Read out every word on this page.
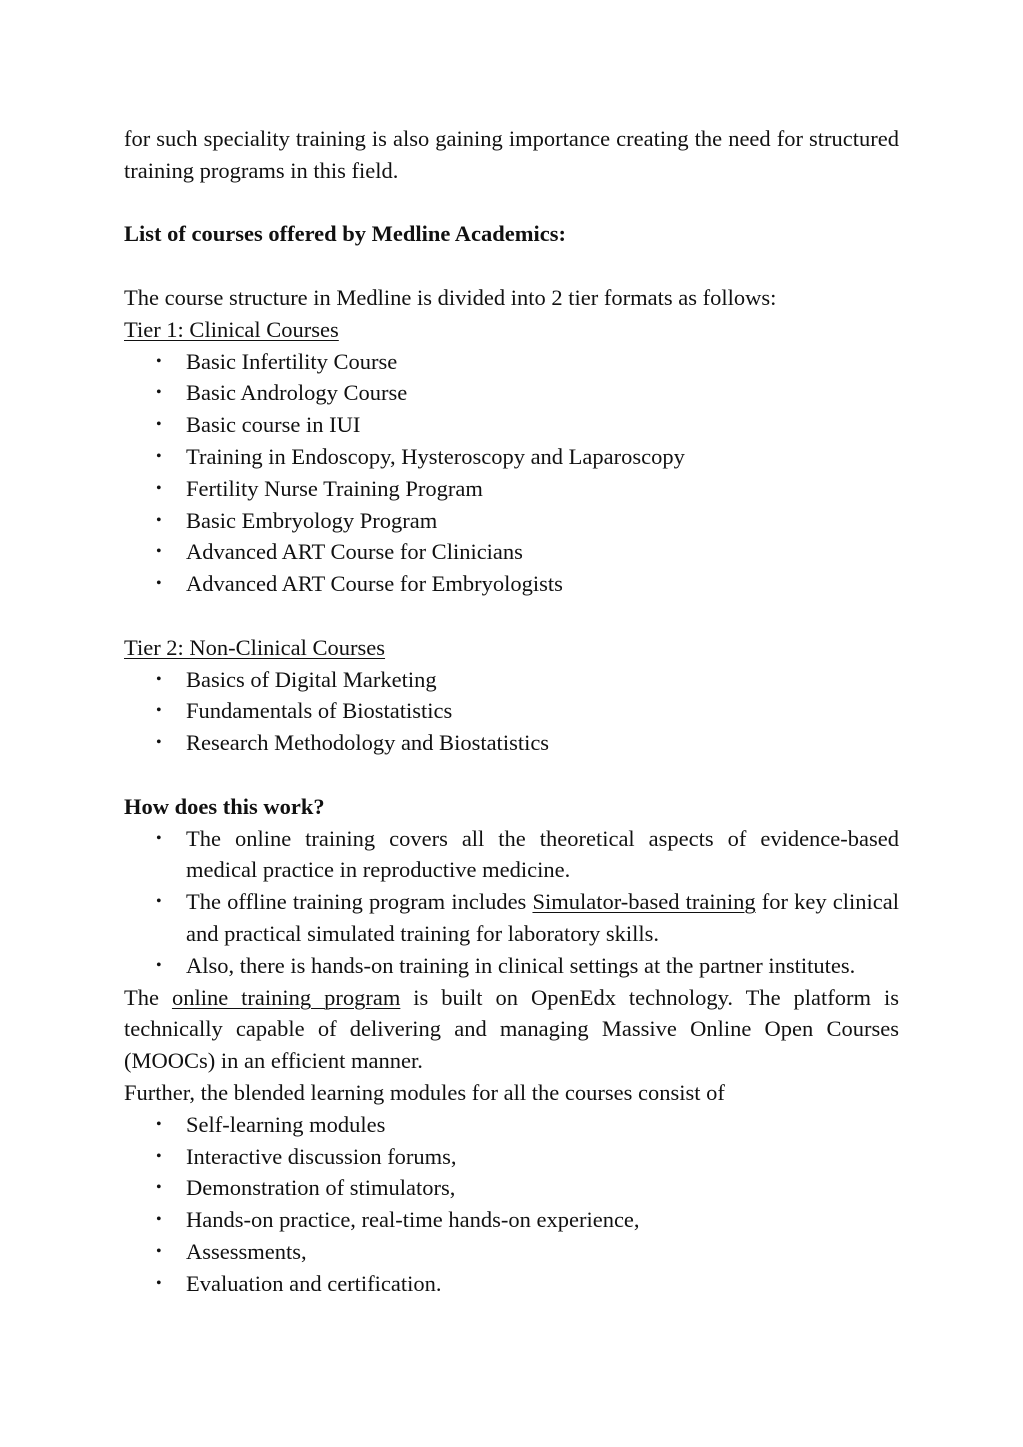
for such speciality training is also gaining importance creating the need for structured training programs in this field.

List of courses offered by Medline Academics:

The course structure in Medline is divided into 2 tier formats as follows:

Tier 1: Clinical Courses

• Basic Infertility Course
• Basic Andrology Course
• Basic course in IUI
• Training in Endoscopy, Hysteroscopy and Laparoscopy
• Fertility Nurse Training Program
• Basic Embryology Program
• Advanced ART Course for Clinicians
• Advanced ART Course for Embryologists

Tier 2: Non-Clinical Courses

• Basics of Digital Marketing
• Fundamentals of Biostatistics
• Research Methodology and Biostatistics

How does this work?

• The online training covers all the theoretical aspects of evidence-based medical practice in reproductive medicine.
• The offline training program includes Simulator-based training for key clinical and practical simulated training for laboratory skills.
• Also, there is hands-on training in clinical settings at the partner institutes.

The online training program is built on OpenEdx technology. The platform is technically capable of delivering and managing Massive Online Open Courses (MOOCs) in an efficient manner.

Further, the blended learning modules for all the courses consist of

• Self-learning modules
• Interactive discussion forums,
• Demonstration of stimulators,
• Hands-on practice, real-time hands-on experience,
• Assessments,
• Evaluation and certification.
